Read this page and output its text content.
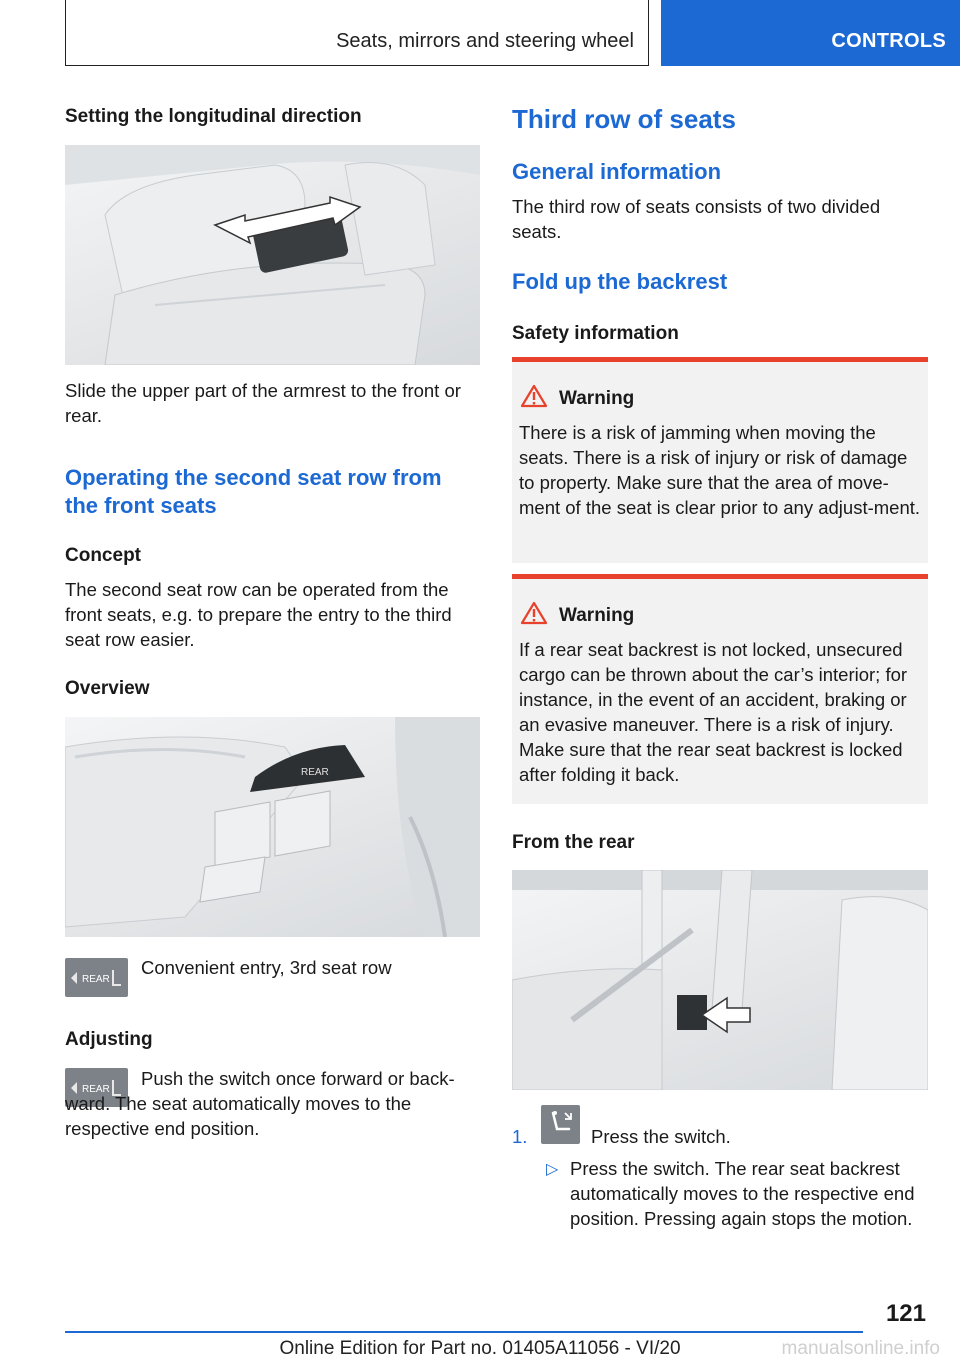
Seats, mirrors and steering wheel	CONTROLS
Setting the longitudinal direction
Slide the upper part of the armrest to the front or rear.
Operating the second seat row from the front seats
Concept
The second seat row can be operated from the front seats, e.g. to prepare the entry to the third seat row easier.
Overview
REAR
REAR
Convenient entry, 3rd seat row
Adjusting
REAR
Push the switch once forward or back-ward. The seat automatically moves to the respective end position.
Third row of seats
General information
The third row of seats consists of two divided seats.
Fold up the backrest
Safety information
Warning
There is a risk of jamming when moving the seats. There is a risk of injury or risk of damage to property. Make sure that the area of move-ment of the seat is clear prior to any adjust-ment.
Warning
If a rear seat backrest is not locked, unsecured cargo can be thrown about the car’s interior; for instance, in the event of an accident, braking or an evasive maneuver. There is a risk of injury. Make sure that the rear seat backrest is locked after folding it back.
From the rear
1.	Press the switch.
▷ Press the switch. The rear seat backrest automatically moves to the respective end position. Pressing again stops the motion.
121
Online Edition for Part no. 01405A11056 - VI/20	manualsonline.info
